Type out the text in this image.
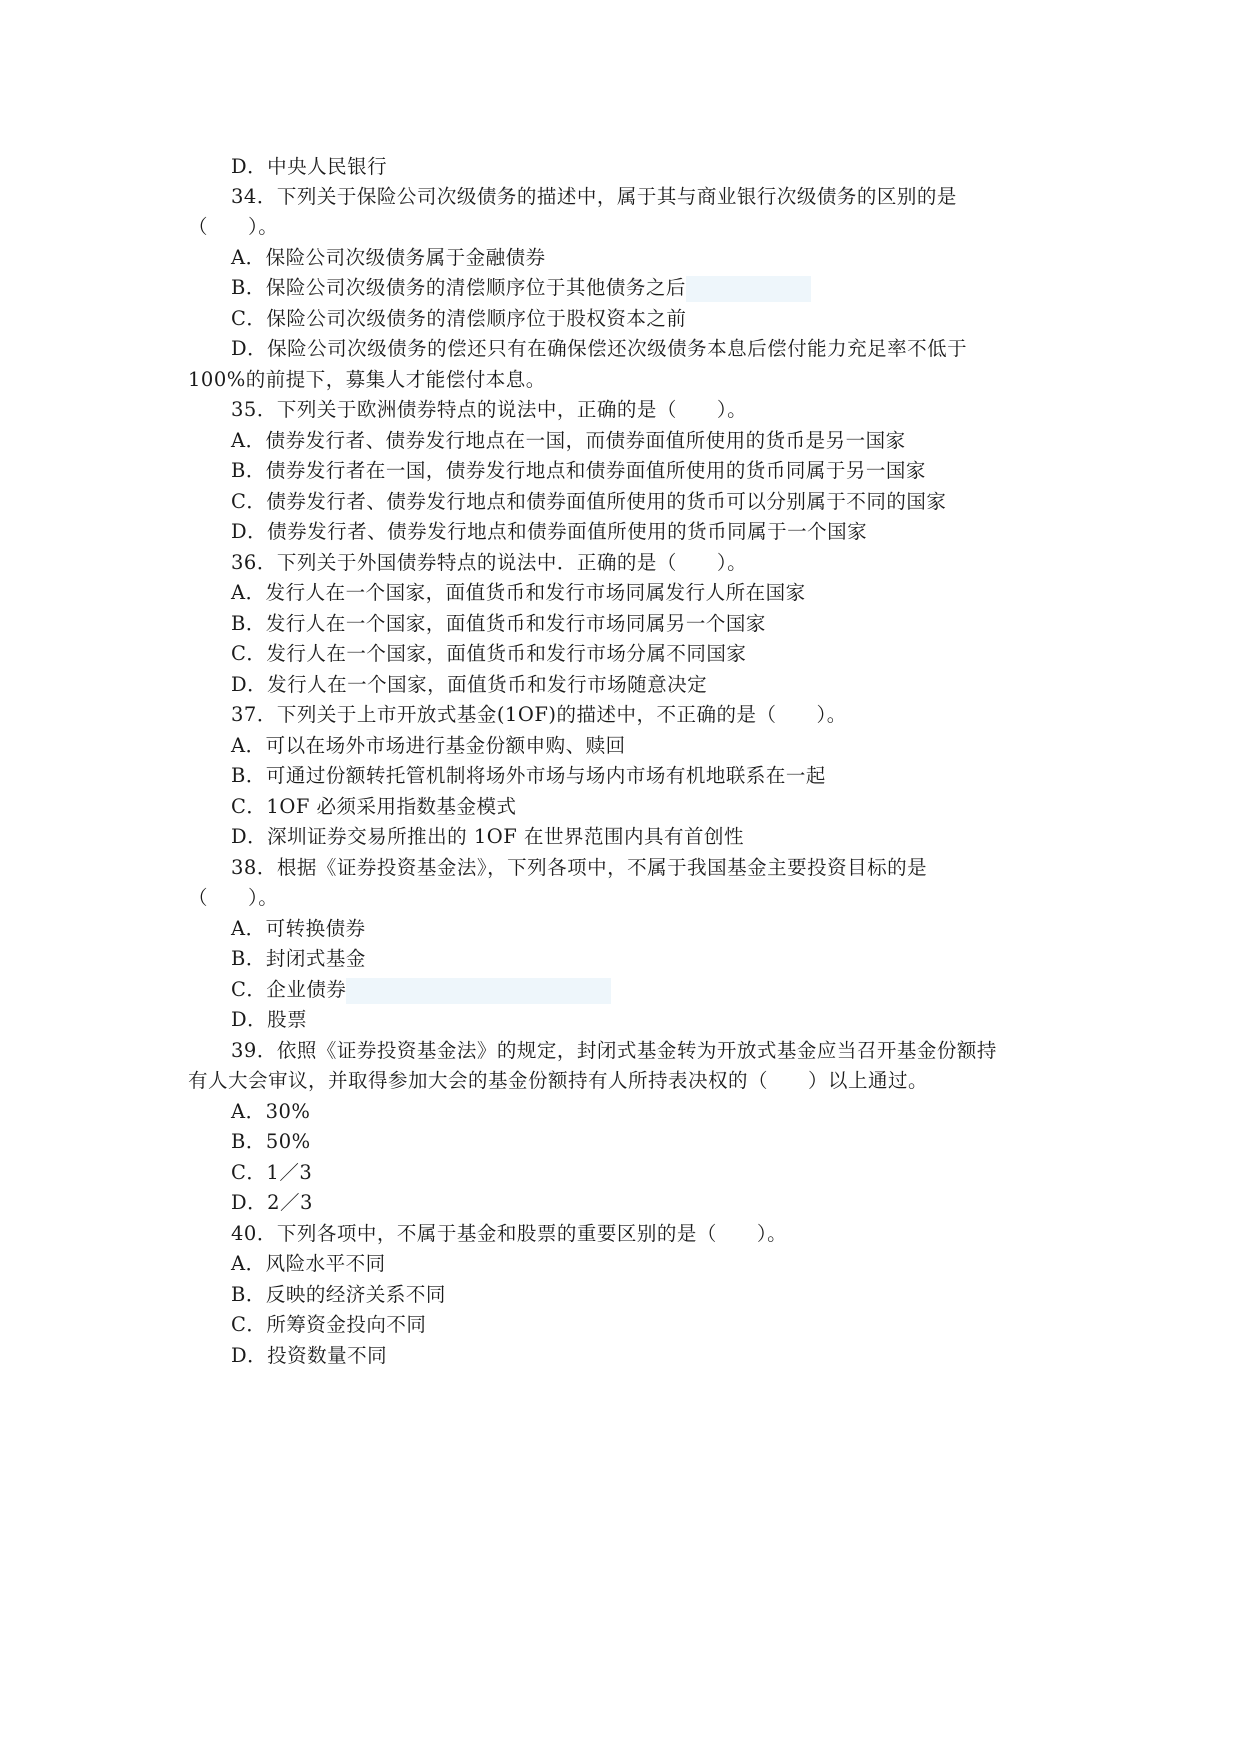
D．中央人民银行
34．下列关于保险公司次级债务的描述中，属于其与商业银行次级债务的区别的是
（　　）。
A．保险公司次级债务属于金融债券
B．保险公司次级债务的清偿顺序位于其他债务之后
C．保险公司次级债务的清偿顺序位于股权资本之前
D．保险公司次级债务的偿还只有在确保偿还次级债务本息后偿付能力充足率不低于
100%的前提下，募集人才能偿付本息。
35．下列关于欧洲债券特点的说法中，正确的是（　　）。
A．债券发行者、债券发行地点在一国，而债券面值所使用的货币是另一国家
B．债券发行者在一国，债券发行地点和债券面值所使用的货币同属于另一国家
C．债券发行者、债券发行地点和债券面值所使用的货币可以分别属于不同的国家
D．债券发行者、债券发行地点和债券面值所使用的货币同属于一个国家
36．下列关于外国债券特点的说法中．正确的是（　　）。
A．发行人在一个国家，面值货币和发行市场同属发行人所在国家
B．发行人在一个国家，面值货币和发行市场同属另一个国家
C．发行人在一个国家，面值货币和发行市场分属不同国家
D．发行人在一个国家，面值货币和发行市场随意决定
37．下列关于上市开放式基金(1OF)的描述中，不正确的是（　　）。
A．可以在场外市场进行基金份额申购、赎回
B．可通过份额转托管机制将场外市场与场内市场有机地联系在一起
C．1OF 必须采用指数基金模式
D．深圳证券交易所推出的 1OF 在世界范围内具有首创性
38．根据《证券投资基金法》，下列各项中，不属于我国基金主要投资目标的是
（　　）。
A．可转换债券
B．封闭式基金
C．企业债券
D．股票
39．依照《证券投资基金法》的规定，封闭式基金转为开放式基金应当召开基金份额持
有人大会审议，并取得参加大会的基金份额持有人所持表决权的（　　）以上通过。
A．30%
B．50%
C．1／3
D．2／3
40．下列各项中，不属于基金和股票的重要区别的是（　　）。
A．风险水平不同
B．反映的经济关系不同
C．所筹资金投向不同
D．投资数量不同
